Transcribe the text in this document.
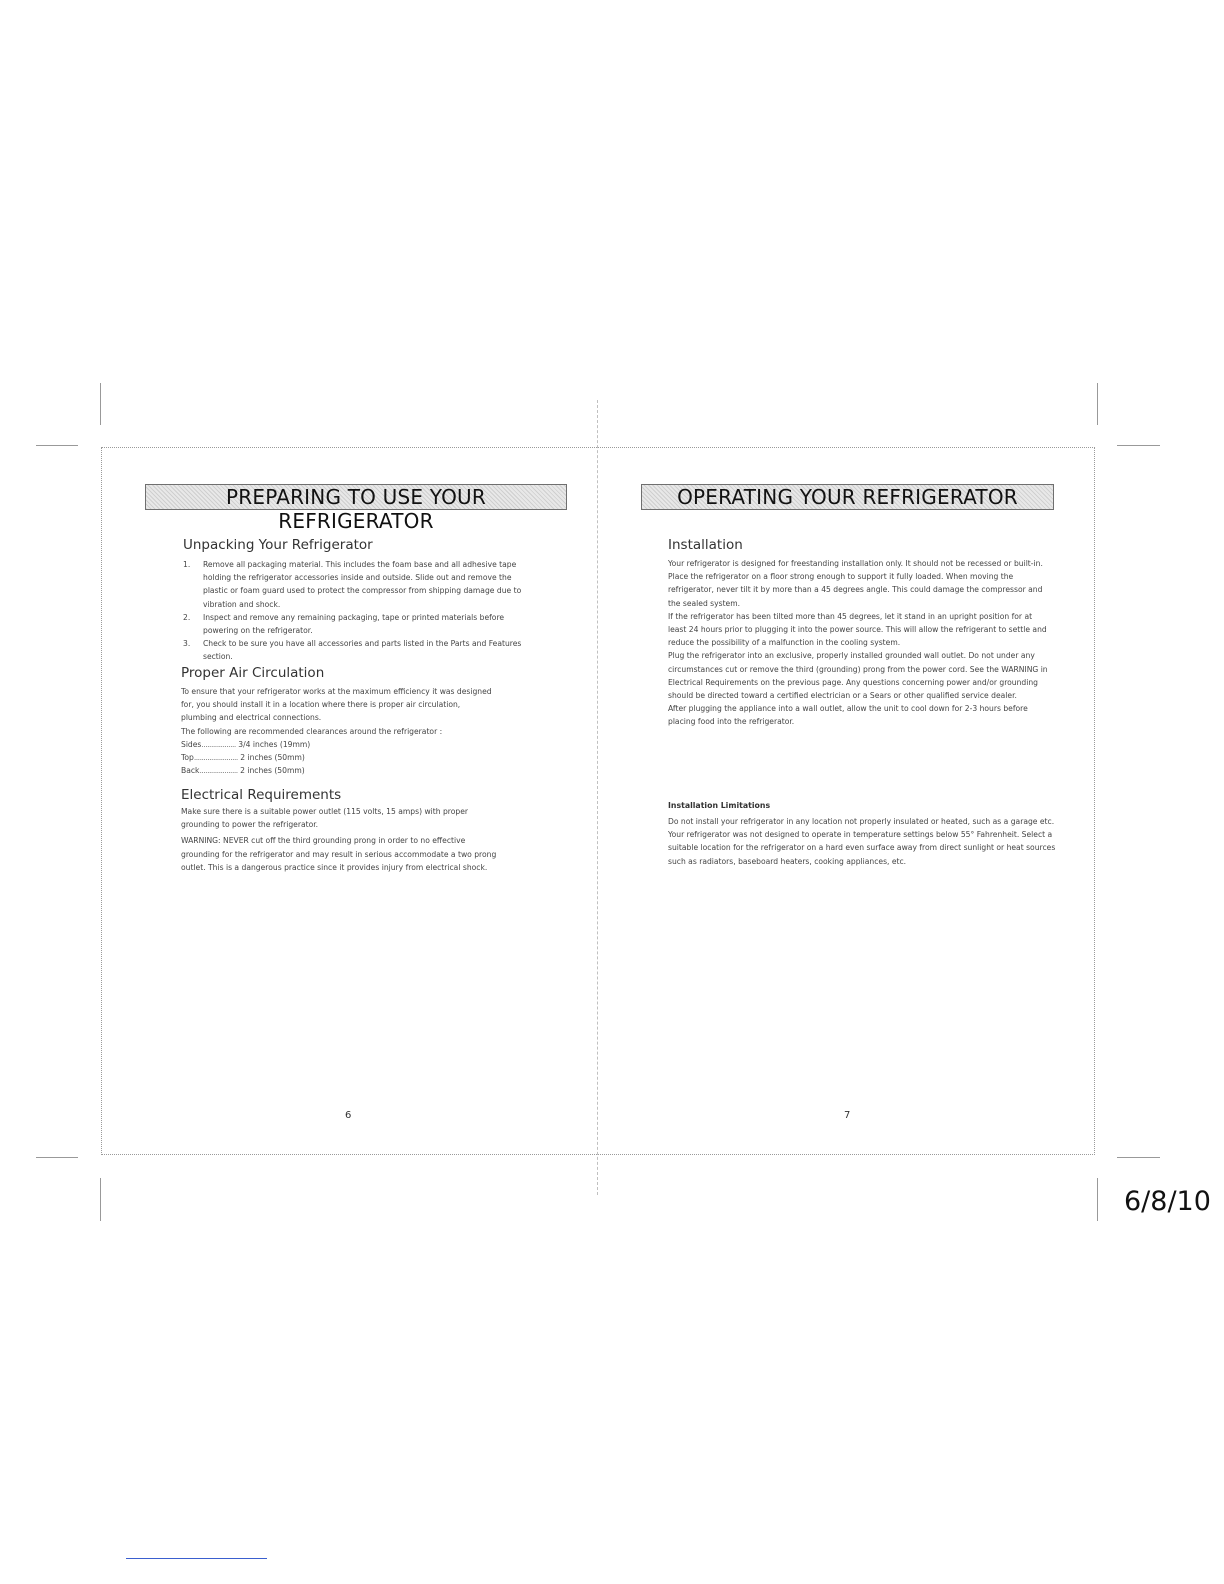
PREPARING TO USE YOUR REFRIGERATOR
Unpacking Your Refrigerator
1. Remove all packaging material. This includes the foam base and all adhesive tape holding the refrigerator accessories inside and outside. Slide out and remove the plastic or foam guard used to protect the compressor from shipping damage due to vibration and shock.
2. Inspect and remove any remaining packaging, tape or printed materials before powering on the refrigerator.
3. Check to be sure you have all accessories and parts listed in the Parts and Features section.
Proper Air Circulation

To ensure that your refrigerator works at the maximum efficiency it was designed for, you should install it in a location where there is proper air circulation, plumbing and electrical connections.

The following are recommended clearances around the refrigerator :

Sides.................. 3/4 inches (19mm)
Top....................... 2 inches (50mm)
Back.................... 2 inches (50mm)
Electrical Requirements

Make sure there is a suitable power outlet (115 volts, 15 amps) with proper grounding to power the refrigerator.

WARNING: NEVER cut off the third grounding prong in order to no effective grounding for the refrigerator and may result in serious accommodate a two prong outlet. This is a dangerous practice since it provides injury from electrical shock.

6
OPERATING YOUR REFRIGERATOR
Installation

Your refrigerator is designed for freestanding installation only. It should not be recessed or built-in. Place the refrigerator on a floor strong enough to support it fully loaded. When moving the refrigerator, never tilt it by more than a 45 degrees angle. This could damage the compressor and the sealed system.

If the refrigerator has been tilted more than 45 degrees, let it stand in an upright position for at least 24 hours prior to plugging it into the power source. This will allow the refrigerant to settle and reduce the possibility of a malfunction in the cooling system.

Plug the refrigerator into an exclusive, properly installed grounded wall outlet. Do not under any circumstances cut or remove the third (grounding) prong from the power cord. See the WARNING in Electrical Requirements on the previous page. Any questions concerning power and/or grounding should be directed toward a certified electrician or a Sears or other qualified service dealer.

After plugging the appliance into a wall outlet, allow the unit to cool down for 2-3 hours before placing food into the refrigerator.

Installation Limitations
Do not install your refrigerator in any location not properly insulated or heated, such as a garage etc. Your refrigerator was not designed to operate in temperature settings below 55° Fahrenheit. Select a suitable location for the refrigerator on a hard even surface away from direct sunlight or heat sources such as radiators, baseboard heaters, cooking appliances, etc.
7
6/8/10
